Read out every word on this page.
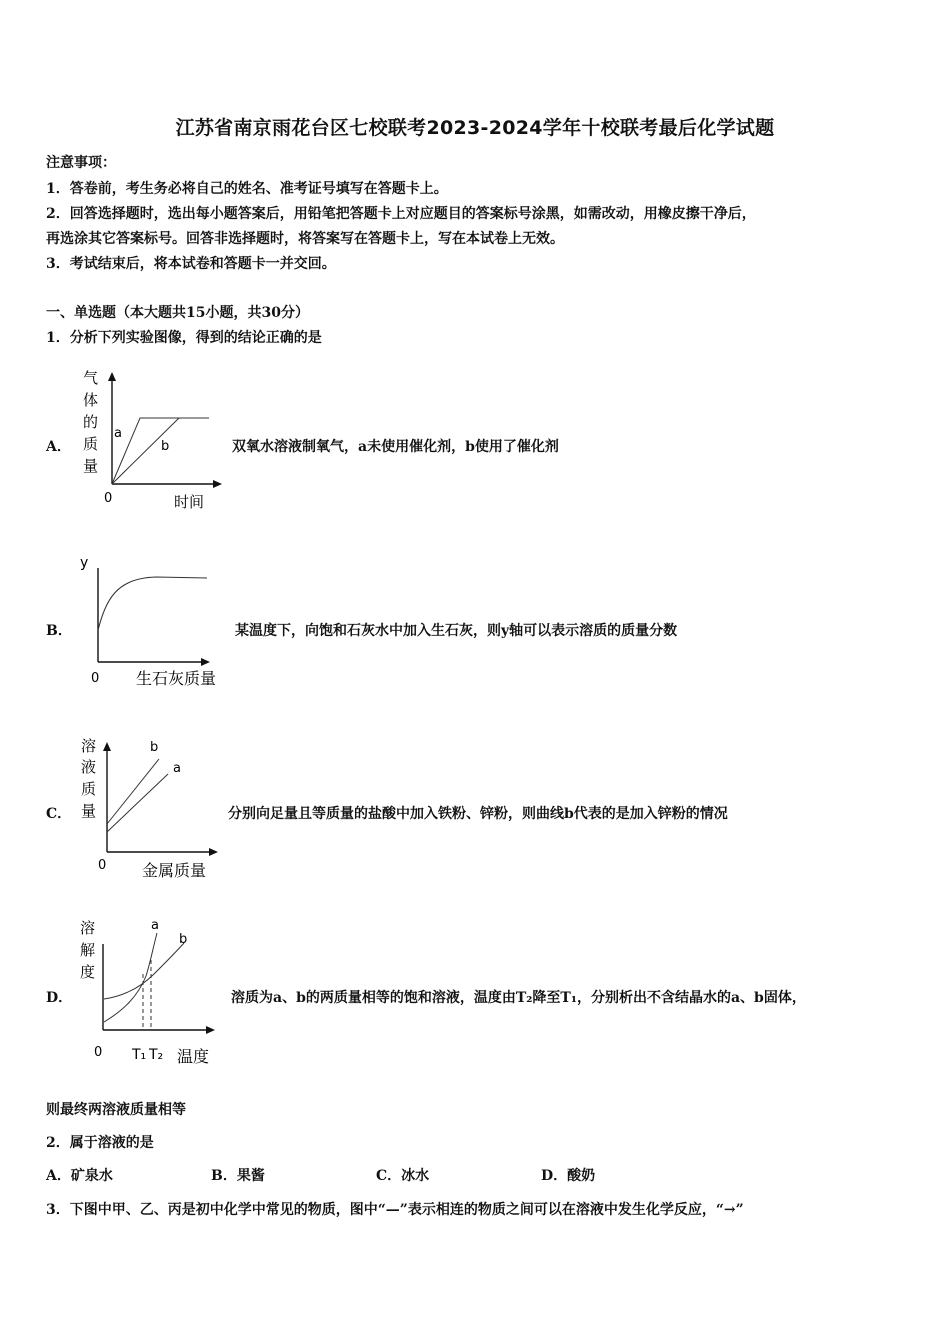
江苏省南京雨花台区七校联考2023-2024学年十校联考最后化学试题
注意事项：
1．答卷前，考生务必将自己的姓名、准考证号填写在答题卡上。
2．回答选择题时，选出每小题答案后，用铅笔把答题卡上对应题目的答案标号涂黑，如需改动，用橡皮擦干净后，
再选涂其它答案标号。回答非选择题时，将答案写在答题卡上，写在本试卷上无效。
3．考试结束后，将本试卷和答题卡一并交回。
一、单选题（本大题共15小题，共30分）
1．分析下列实验图像，得到的结论正确的是
A．
a
b
0	时间
气
体
的
质
量
双氧水溶液制氧气，a未使用催化剂，b使用了催化剂
B．
y
0 生石灰质量
某温度下，向饱和石灰水中加入生石灰，则y轴可以表示溶质的质量分数
C．
b
a
0 金属质量
溶
液
质
量	分别向足量且等质量的盐酸中加入铁粉、锌粉，则曲线b代表的是加入锌粉的情况
D．
a
b
0 T₁ T₂ 温度
溶
解
度
溶质为a、b的两质量相等的饱和溶液，温度由T₂降至T₁，分别析出不含结晶水的a、b固体，
则最终两溶液质量相等
2．属于溶液的是
A．矿泉水	B．果酱	C．冰水	D．酸奶
3．下图中甲、乙、丙是初中化学中常见的物质，图中“—”表示相连的物质之间可以在溶液中发生化学反应，“→”
